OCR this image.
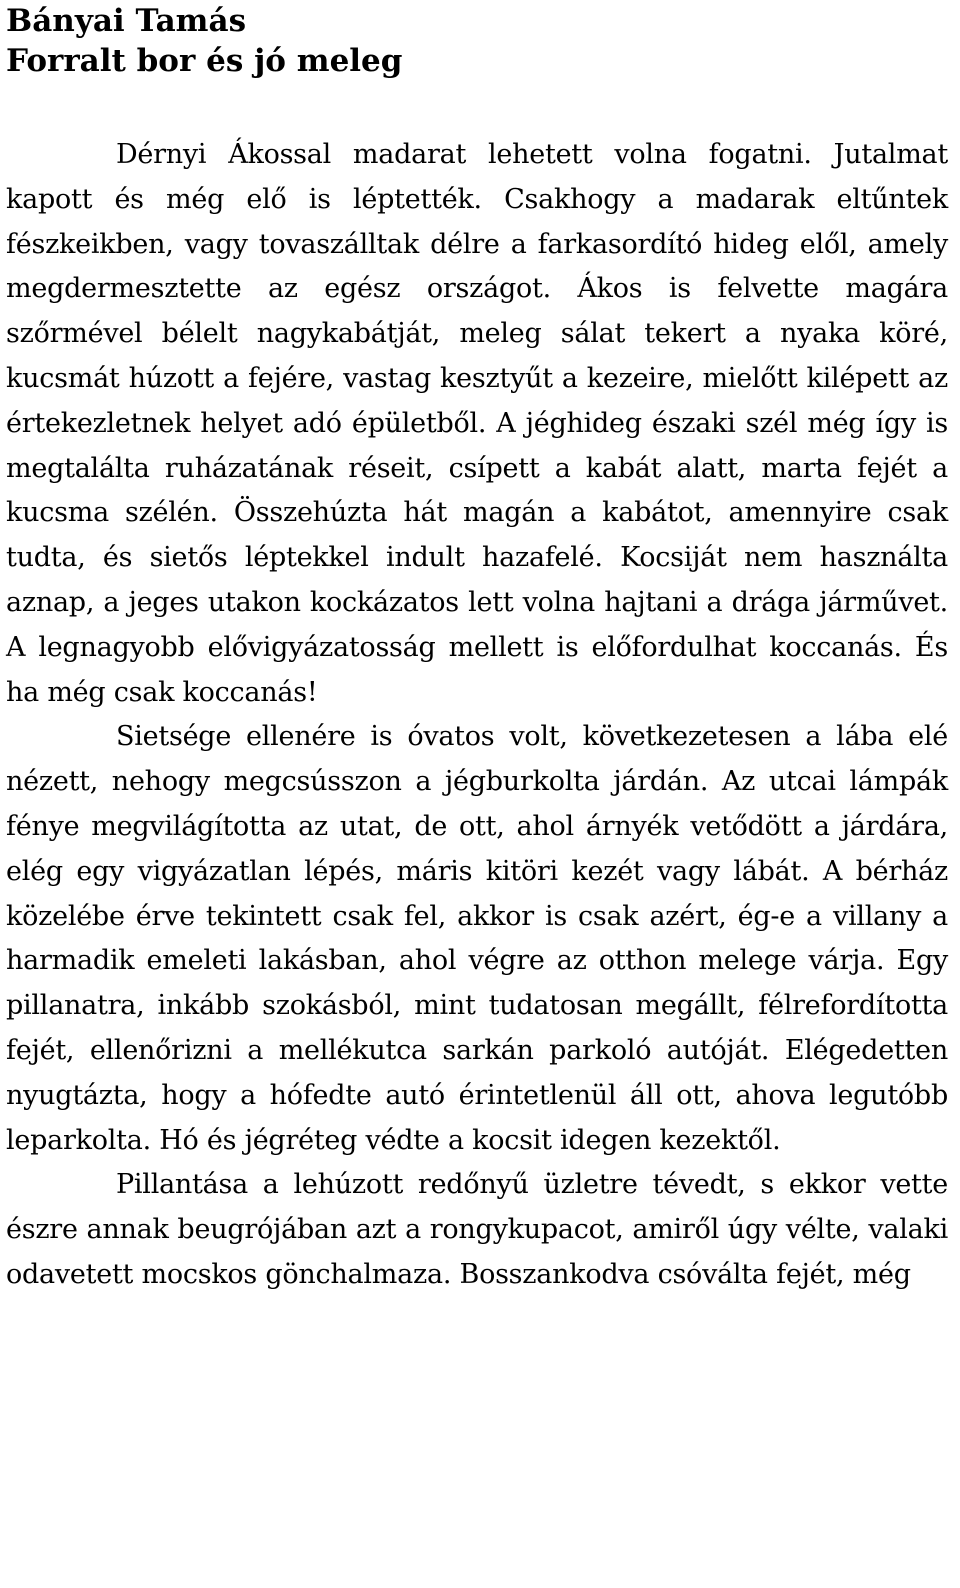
Bányai Tamás
Forralt bor és jó meleg

Dérnyi Ákossal madarat lehetett volna fogatni. Jutalmat kapott és még elő is léptették. Csakhogy a madarak eltűntek fészkeikben, vagy tovaszálltak délre a farkasordító hideg elől, amely megdermesztette az egész országot. Ákos is felvette magára szőrmével bélelt nagykabátját, meleg sálat tekert a nyaka köré, kucsmát húzott a fejére, vastag kesztyűt a kezeire, mielőtt kilépett az értekezletnek helyet adó épületből. A jéghideg északi szél még így is megtalálta ruházatának réseit, csípett a kabát alatt, marta fejét a kucsma szélén. Összehúzta hát magán a kabátot, amennyire csak tudta, és sietős léptekkel indult hazafelé. Kocsiját nem használta aznap, a jeges utakon kockázatos lett volna hajtani a drága járművet. A legnagyobb elővigyázatosság mellett is előfordulhat koccanás. És ha még csak koccanás!

Sietsége ellenére is óvatos volt, következetesen a lába elé nézett, nehogy megcsússzon a jégburkolta járdán. Az utcai lámpák fénye megvilágította az utat, de ott, ahol árnyék vetődött a járdára, elég egy vigyázatlan lépés, máris kitöri kezét vagy lábát. A bérház közelébe érve tekintett csak fel, akkor is csak azért, ég-e a villany a harmadik emeleti lakásban, ahol végre az otthon melege várja. Egy pillanatra, inkább szokásból, mint tudatosan megállt, félrefordította fejét, ellenőrizni a mellékutca sarkán parkoló autóját. Elégedetten nyugtázta, hogy a hófedte autó érintetlenül áll ott, ahova legutóbb leparkolta. Hó és jégréteg védte a kocsit idegen kezektől.

Pillantása a lehúzott redőnyű üzletre tévedt, s ekkor vette észre annak beugrójában azt a rongykupacot, amiről úgy vélte, valaki odavetett mocskos gönchalmaza. Bosszankodva csóválta fejét, még
